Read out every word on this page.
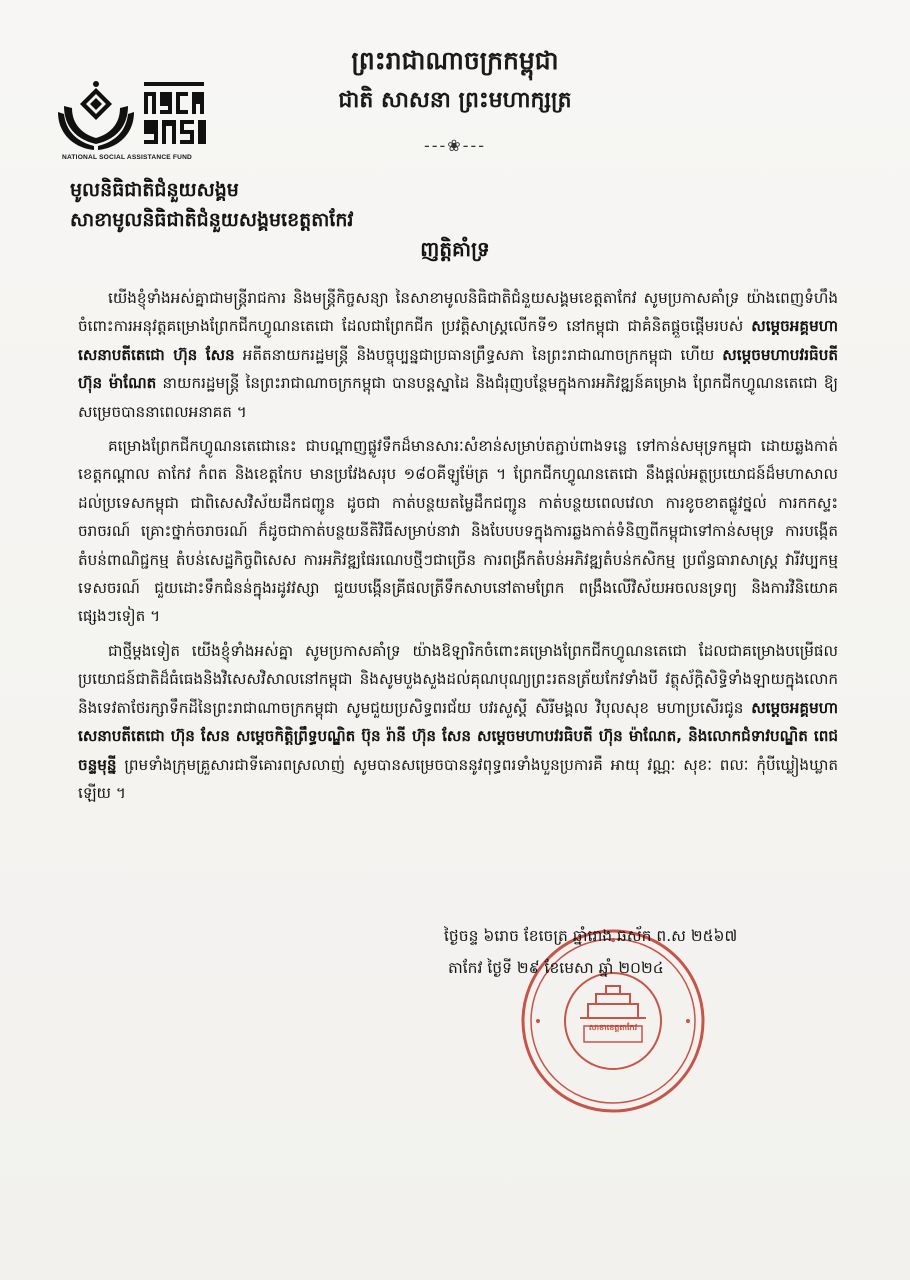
ព្រះរាជាណាចក្រកម្ពុជា
ជាតិ សាសនា ព្រះមហាក្សត្រ
---❀---
NATIONAL SOCIAL ASSISTANCE FUND
មូលនិធិជាតិជំនួយសង្គម
សាខាមូលនិធិជាតិជំនួយសង្គមខេត្តតាកែវ
ញត្តិគាំទ្រ

យើងខ្ញុំទាំងអស់គ្នាជាមន្ត្រីរាជការ និងមន្ត្រីកិច្ចសន្យា នៃសាខាមូលនិធិជាតិជំនួយសង្គមខេត្តតាកែវ សូមប្រកាសគាំទ្រ យ៉ាងពេញទំហឹង ចំពោះការអនុវត្តគម្រោងព្រែកជីកហ្វូណនតេជោ ដែលជាព្រែកជីក ប្រវត្តិសាស្ត្រលើកទី១ នៅកម្ពុជា ជាគំនិតផ្តួចផ្តើមរបស់ សម្តេចអគ្គមហាសេនាបតីតេជោ ហ៊ុន សែន អតីតនាយករដ្ឋមន្ត្រី និងបច្ចុប្បន្នជាប្រធានព្រឹទ្ធសភា នៃព្រះរាជាណាចក្រកម្ពុជា ហើយ សម្តេចមហាបវរធិបតី ហ៊ុន ម៉ាណែត នាយករដ្ឋមន្ត្រី នៃព្រះរាជាណាចក្រកម្ពុជា បានបន្តស្នាដៃ និងជំរុញបន្ថែមក្នុងការអភិវឌ្ឍន៍គម្រោង ព្រែកជីកហ្វូណនតេជោ ឱ្យសម្រេចបាននាពេលអនាគត ។

គម្រោងព្រែកជីកហ្វូណនតេជោនេះ ជាបណ្តាញផ្លូវទឹកដ៏មានសារៈសំខាន់សម្រាប់តភ្ជាប់ពាងទន្លេ ទៅកាន់សមុទ្រកម្ពុជា ដោយឆ្លងកាត់ខេត្តកណ្តាល តាកែវ កំពត និងខេត្តកែប មានប្រវែងសរុប ១៨០គីឡូម៉ែត្រ ។ ព្រែកជីកហ្វូណនតេជោ នឹងផ្តល់អត្ថប្រយោជន៍ដ៏មហាសាលដល់ប្រទេសកម្ពុជា ជាពិសេសវិស័យដឹកជញ្ជូន ដូចជា កាត់បន្ថយតម្លៃដឹកជញ្ជូន កាត់បន្ថយពេលវេលា ការខូចខាតផ្លូវថ្នល់ ការកកស្ទះចរាចរណ៍ គ្រោះថ្នាក់ចរាចរណ៍ ក៏ដូចជាកាត់បន្ថយនីតិវិធីសម្រាប់នាវា និងបែបបទក្នុងការឆ្លងកាត់ទំនិញពីកម្ពុជាទៅកាន់សមុទ្រ ការបង្កើតតំបន់ពាណិជ្ជកម្ម តំបន់សេដ្ឋកិច្ចពិសេស ការអភិវឌ្ឍផែរណេបថ្មីៗជាច្រើន ការពង្រីកតំបន់អភិវឌ្ឍតំបន់កសិកម្ម ប្រព័ន្ធធារាសាស្ត្រ វារីវប្បកម្ម ទេសចរណ៍ ជួយដោះទឹកជំនន់ក្នុងរដូវវស្សា ជួយបង្កើនគ្រីផលត្រីទឹកសាបនៅតាមព្រែក ពង្រឹងលើវិស័យអចលនទ្រព្យ និងការវិនិយោគផ្សេងៗទៀត ។

ជាថ្មីម្តងទៀត យើងខ្ញុំទាំងអស់គ្នា សូមប្រកាសគាំទ្រ យ៉ាងឱឡារិកចំពោះគម្រោងព្រែកជីកហ្វូណនតេជោ ដែលជាគម្រោងបម្រើផលប្រយោជន៍ជាតិដ៏ធំធេងនិងវិសេសវិសាលនៅកម្ពុជា និងសូមបួងសួងដល់គុណបុណ្យព្រះរតនត្រ័យកែវទាំងបី វត្ថុស័ក្តិសិទ្ធិទាំងឡាយក្នុងលោក និងទេវតាថែរក្សាទឹកដីនៃព្រះរាជាណាចក្រកម្ពុជា សូមជួយប្រសិទ្ធពរជ័យ បវរសួស្តី សិរីមង្គល វិបុលសុខ មហាប្រសើរជូន សម្តេចអគ្គមហាសេនាបតីតេជោ ហ៊ុន សែន សម្តេចកិត្តិព្រឹទ្ធបណ្ឌិត ប៊ុន រ៉ានី ហ៊ុន សែន សម្តេចមហាបវរធិបតី ហ៊ុន ម៉ាណែត, និងលោកជំទាវបណ្ឌិត ពេជ ចន្ទមុន្នី ព្រមទាំងក្រុមគ្រួសារជាទីគោរពស្រលាញ់ សូមបានសម្រេចបាននូវពុទ្ធពរទាំងបួនប្រការគឺ អាយុ វណ្ណៈ សុខៈ ពលៈ កុំបីឃ្លៀងឃ្លាតឡើយ ។

សាខាខេត្តតាកែវ
ថ្ងៃចន្ទ ៦រោច ខែចេត្រ ឆ្នាំរោង ឆស័ក ព.ស ២៥៦៧
តាកែវ ថ្ងៃទី ២៩ ខែមេសា ឆ្នាំ ២០២៤
